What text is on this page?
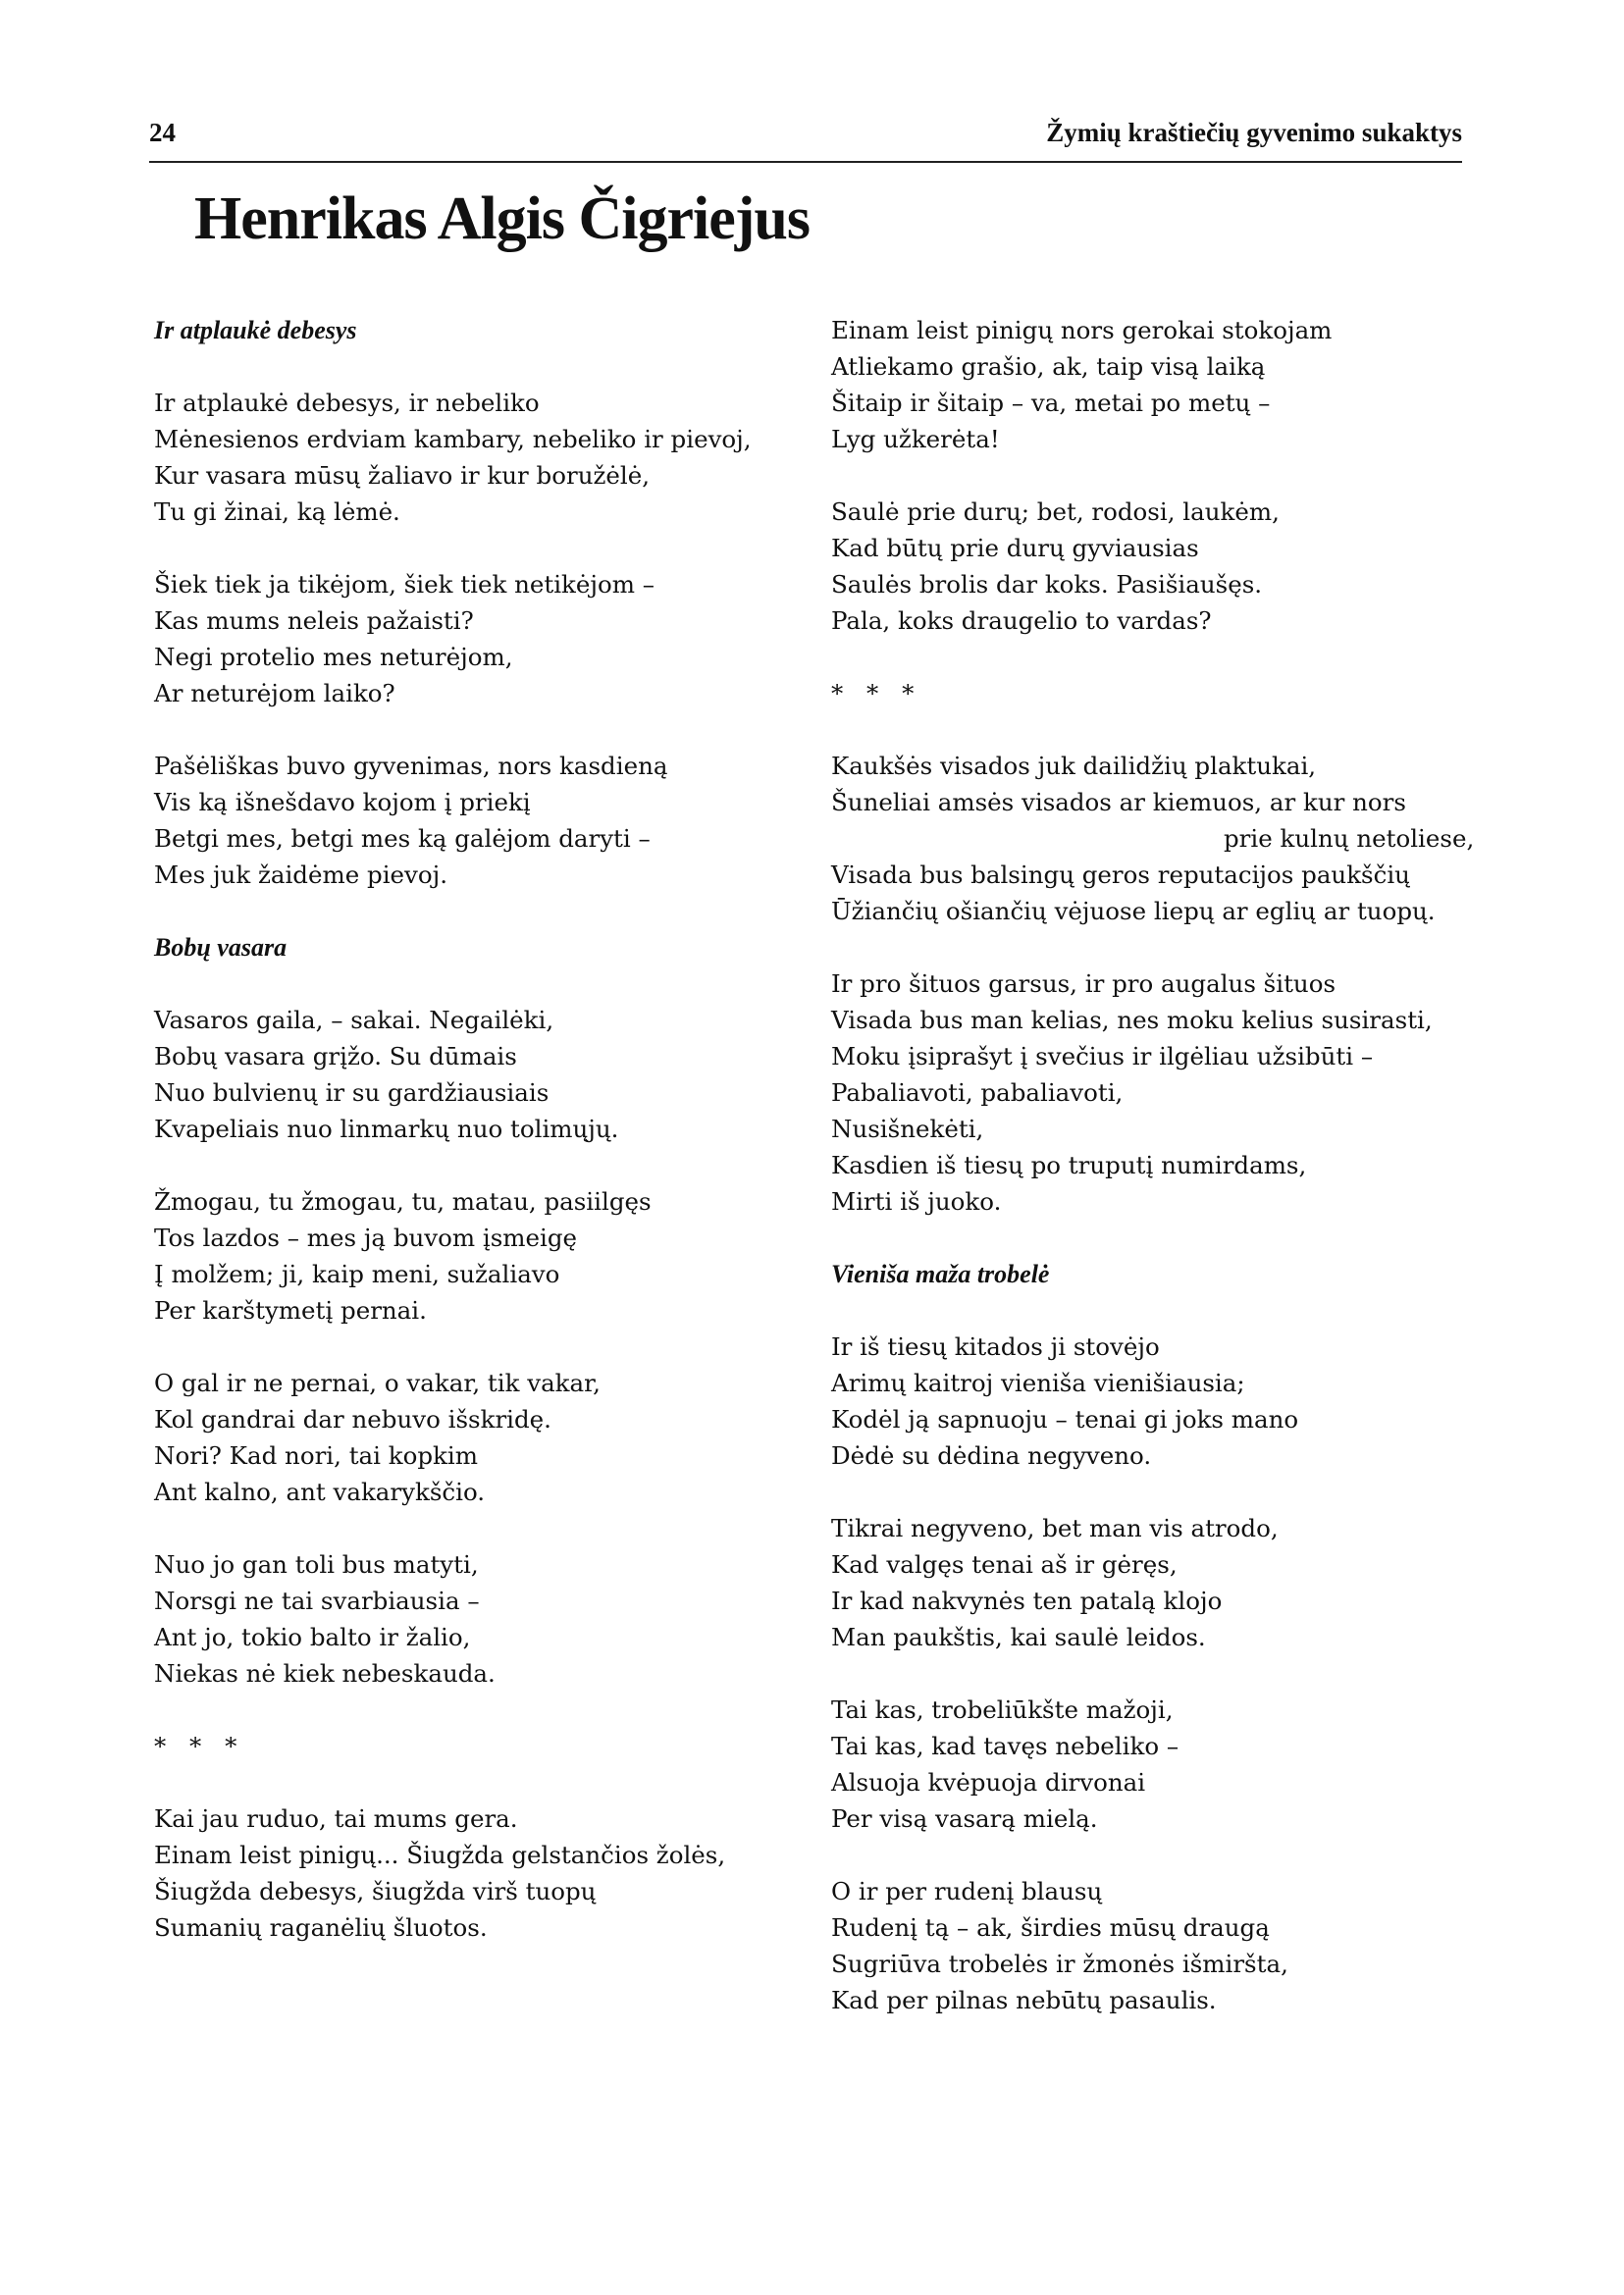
24	Žymių kraštiečių gyvenimo sukaktys
Henrikas Algis Čigriejus
Ir atplaukė debesys
Ir atplaukė debesys, ir nebeliko
Mėnesienos erdviam kambary, nebeliko ir pievoj,
Kur vasara mūsų žaliavo ir kur boružėlė,
Tu gi žinai, ką lėmė.
Šiek tiek ja tikėjom, šiek tiek netikėjom –
Kas mums neleis pažaisti?
Negi protelio mes neturėjom,
Ar neturėjom laiko?
Pašėliškas buvo gyvenimas, nors kasdieną
Vis ką išnešdavo kojom į priekį
Betgi mes, betgi mes ką galėjom daryti –
Mes juk žaidėme pievoj.
Bobų vasara
Vasaros gaila, – sakai. Negailėki,
Bobų vasara grįžo. Su dūmais
Nuo bulvienų ir su gardžiausiais
Kvapeliais nuo linmarkų nuo tolimųjų.
Žmogau, tu žmogau, tu, matau, pasiilgęs
Tos lazdos – mes ją buvom įsmeigę
Į molžem; ji, kaip meni, sužaliavo
Per karštymetį pernai.
O gal ir ne pernai, o vakar, tik vakar,
Kol gandrai dar nebuvo išskridę.
Nori? Kad nori, tai kopkim
Ant kalno, ant vakarykščio.
Nuo jo gan toli bus matyti,
Norsgi ne tai svarbiausia –
Ant jo, tokio balto ir žalio,
Niekas nė kiek nebeskauda.
* * *
Kai jau ruduo, tai mums gera.
Einam leist pinigų... Šiugžda gelstančios žolės,
Šiugžda debesys, šiugžda virš tuopų
Sumanių raganėlių šluotos.
Einam leist pinigų nors gerokai stokojam
Atliekamo grašio, ak, taip visą laiką
Šitaip ir šitaip – va, metai po metų –
Lyg užkerėta!
Saulė prie durų; bet, rodosi, laukėm,
Kad būtų prie durų gyviausias
Saulės brolis dar koks. Pasišiaušęs.
Pala, koks draugelio to vardas?
* * *
Kaukšės visados juk dailidžių plaktukai,
Šuneliai amsės visados ar kiemuos, ar kur nors
prie kulnų netoliese,
Visada bus balsingų geros reputacijos paukščių
Ūžiančių ošiančių vėjuose liepų ar eglių ar tuopų.
Ir pro šituos garsus, ir pro augalus šituos
Visada bus man kelias, nes moku kelius susirasti,
Moku įsiprašyt į svečius ir ilgėliau užsibūti –
Pabaliavoti, pabaliavoti,
Nusišnekėti,
Kasdien iš tiesų po truputį numirdams,
Mirti iš juoko.
Vieniša maža trobelė
Ir iš tiesų kitados ji stovėjo
Arimų kaitroj vieniša vienišiausia;
Kodėl ją sapnuoju – tenai gi joks mano
Dėdė su dėdina negyveno.
Tikrai negyveno, bet man vis atrodo,
Kad valgęs tenai aš ir gėręs,
Ir kad nakvynės ten patalą klojo
Man paukštis, kai saulė leidos.
Tai kas, trobeliūkšte mažoji,
Tai kas, kad tavęs nebeliko –
Alsuoja kvėpuoja dirvonai
Per visą vasarą mielą.
O ir per rudenį blausų
Rudenį tą – ak, širdies mūsų draugą
Sugriūva trobelės ir žmonės išmiršta,
Kad per pilnas nebūtų pasaulis.
